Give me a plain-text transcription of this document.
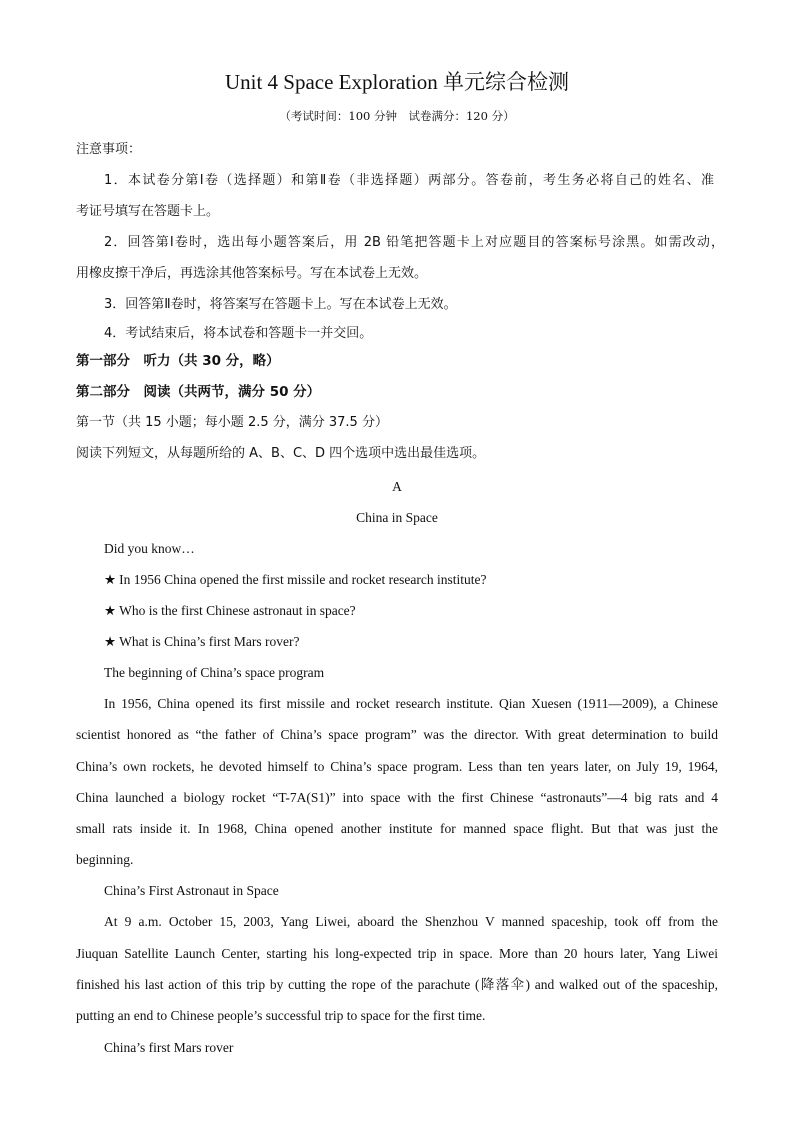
Unit 4 Space Exploration 单元综合检测
（考试时间：100 分钟　试卷满分：120 分）
注意事项：
1．本试卷分第Ⅰ卷（选择题）和第Ⅱ卷（非选择题）两部分。答卷前，考生务必将自己的姓名、准
考证号填写在答题卡上。
2．回答第Ⅰ卷时，选出每小题答案后，用 2B 铅笔把答题卡上对应题目的答案标号涂黑。如需改动，
用橡皮擦干净后，再选涂其他答案标号。写在本试卷上无效。
3．回答第Ⅱ卷时，将答案写在答题卡上。写在本试卷上无效。
4．考试结束后，将本试卷和答题卡一并交回。
第一部分　听力（共 30 分，略）
第二部分　阅读（共两节，满分 50 分）
第一节（共 15 小题；每小题 2.5 分，满分 37.5 分）
阅读下列短文，从每题所给的 A、B、C、D 四个选项中选出最佳选项。
A
China in Space
Did you know…
★ In 1956 China opened the first missile and rocket research institute?
★ Who is the first Chinese astronaut in space?
★ What is China’s first Mars rover?
The beginning of China’s space program
In 1956, China opened its first missile and rocket research institute. Qian Xuesen (1911—2009), a Chinese
scientist honored as “the father of China’s space program” was the director. With great determination to build
China’s own rockets, he devoted himself to China’s space program. Less than ten years later, on July 19, 1964,
China launched a biology rocket “T-7A(S1)” into space with the first Chinese “astronauts”—4 big rats and 4
small rats inside it. In 1968, China opened another institute for manned space flight. But that was just the
beginning.
China’s First Astronaut in Space
At 9 a.m. October 15, 2003, Yang Liwei, aboard the Shenzhou V manned spaceship, took off from the
Jiuquan Satellite Launch Center, starting his long-expected trip in space. More than 20 hours later, Yang Liwei
finished his last action of this trip by cutting the rope of the parachute (降落伞) and walked out of the spaceship,
putting an end to Chinese people’s successful trip to space for the first time.
China’s first Mars rover
